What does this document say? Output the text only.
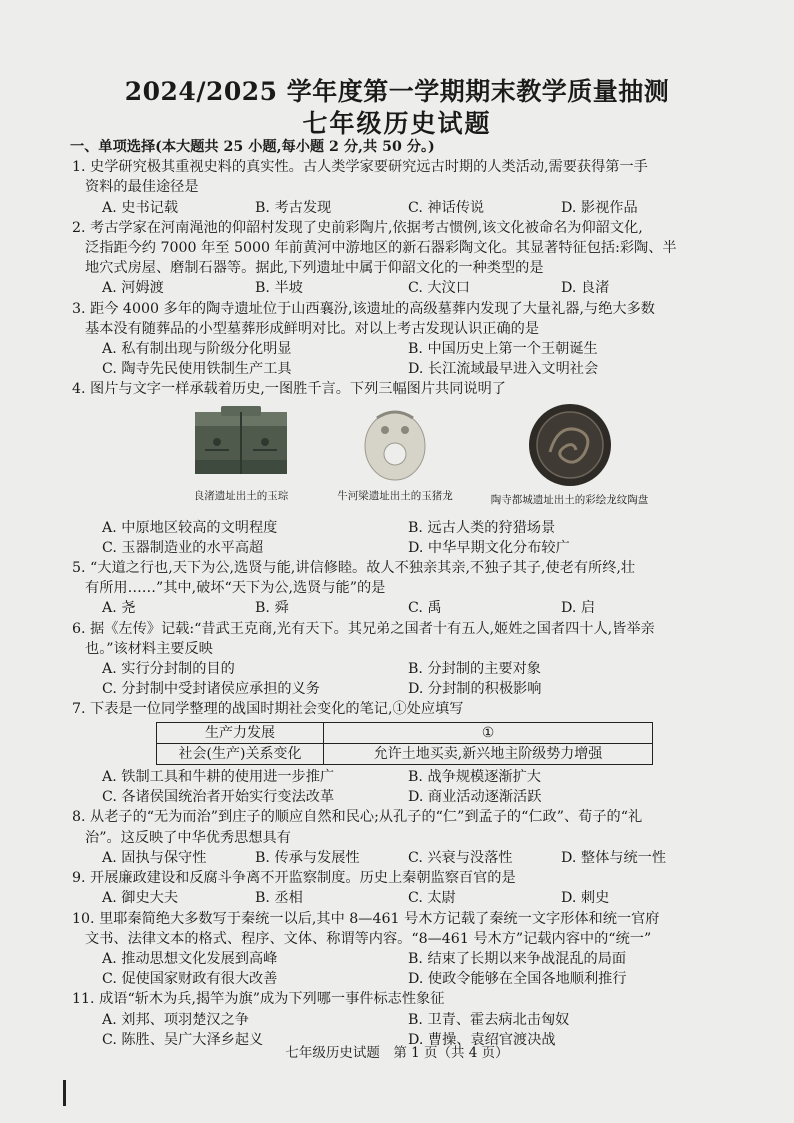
2024/2025 学年度第一学期期末教学质量抽测
七年级历史试题
一、单项选择(本大题共 25 小题,每小题 2 分,共 50 分。)
1. 史学研究极其重视史料的真实性。古人类学家要研究远古时期的人类活动,需要获得第一手
资料的最佳途径是
A. 史书记载	B. 考古发现	C. 神话传说	D. 影视作品
2. 考古学家在河南渑池的仰韶村发现了史前彩陶片,依据考古惯例,该文化被命名为仰韶文化,
泛指距今约 7000 年至 5000 年前黄河中游地区的新石器彩陶文化。其显著特征包括:彩陶、半
地穴式房屋、磨制石器等。据此,下列遗址中属于仰韶文化的一种类型的是
A. 河姆渡	B. 半坡	C. 大汶口	D. 良渚
3. 距今 4000 多年的陶寺遗址位于山西襄汾,该遗址的高级墓葬内发现了大量礼器,与绝大多数
基本没有随葬品的小型墓葬形成鲜明对比。对以上考古发现认识正确的是
A. 私有制出现与阶级分化明显	B. 中国历史上第一个王朝诞生
C. 陶寺先民使用铁制生产工具	D. 长江流域最早进入文明社会
4. 图片与文字一样承载着历史,一图胜千言。下列三幅图片共同说明了
良渚遗址出土的玉琮	牛河梁遗址出土的玉猪龙	陶寺都城遗址出土的彩绘龙纹陶盘
A. 中原地区较高的文明程度	B. 远古人类的狩猎场景
C. 玉器制造业的水平高超	D. 中华早期文化分布较广
5. “大道之行也,天下为公,选贤与能,讲信修睦。故人不独亲其亲,不独子其子,使老有所终,壮
有所用……”其中,破坏“天下为公,选贤与能”的是
A. 尧	B. 舜	C. 禹	D. 启
6. 据《左传》记载:“昔武王克商,光有天下。其兄弟之国者十有五人,姬姓之国者四十人,皆举亲
也。”该材料主要反映
A. 实行分封制的目的	B. 分封制的主要对象
C. 分封制中受封诸侯应承担的义务	D. 分封制的积极影响
7. 下表是一位同学整理的战国时期社会变化的笔记,①处应填写
生产力发展	①
社会(生产)关系变化	允许土地买卖,新兴地主阶级势力增强
A. 铁制工具和牛耕的使用进一步推广	B. 战争规模逐渐扩大
C. 各诸侯国统治者开始实行变法改革	D. 商业活动逐渐活跃
8. 从老子的“无为而治”到庄子的顺应自然和民心;从孔子的“仁”到孟子的“仁政”、荀子的“礼
治”。这反映了中华优秀思想具有
A. 固执与保守性	B. 传承与发展性	C. 兴衰与没落性	D. 整体与统一性
9. 开展廉政建设和反腐斗争离不开监察制度。历史上秦朝监察百官的是
A. 御史大夫	B. 丞相	C. 太尉	D. 刺史
10. 里耶秦简绝大多数写于秦统一以后,其中 8—461 号木方记载了秦统一文字形体和统一官府
文书、法律文本的格式、程序、文体、称谓等内容。“8—461 号木方”记载内容中的“统一”
A. 推动思想文化发展到高峰	B. 结束了长期以来争战混乱的局面
C. 促使国家财政有很大改善	D. 使政令能够在全国各地顺利推行
11. 成语“斩木为兵,揭竿为旗”成为下列哪一事件标志性象征
A. 刘邦、项羽楚汉之争	B. 卫青、霍去病北击匈奴
C. 陈胜、吴广大泽乡起义	D. 曹操、袁绍官渡决战
七年级历史试题　第 1 页（共 4 页）
